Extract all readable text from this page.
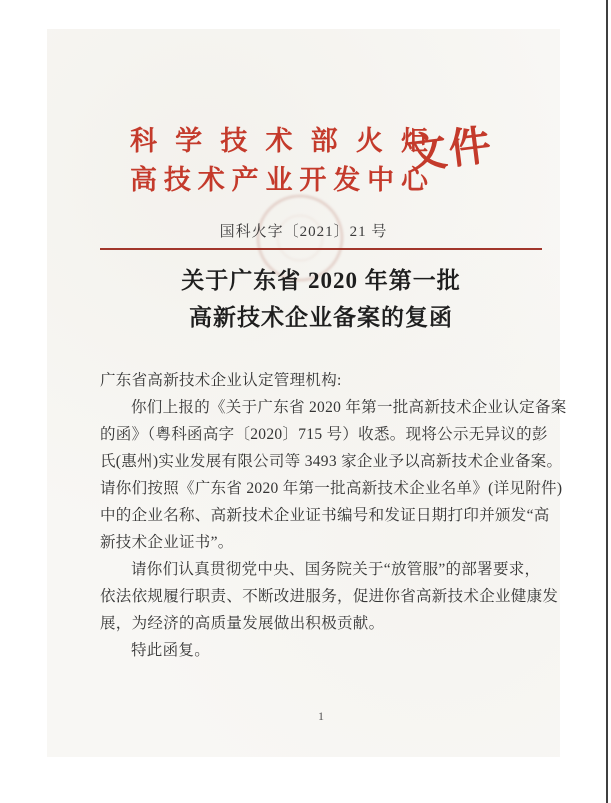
科学技术部火炬
高技术产业开发中心
文件
国科火字〔2021〕21 号
关于广东省 2020 年第一批
高新技术企业备案的复函
广东省高新技术企业认定管理机构:
你们上报的《关于广东省 2020 年第一批高新技术企业认定备案
的函》（粤科函高字〔2020〕715 号）收悉。现将公示无异议的彭
氏(惠州)实业发展有限公司等 3493 家企业予以高新技术企业备案。
请你们按照《广东省 2020 年第一批高新技术企业名单》(详见附件)
中的企业名称、高新技术企业证书编号和发证日期打印并颁发“高
新技术企业证书”。
请你们认真贯彻党中央、国务院关于“放管服”的部署要求，
依法依规履行职责、不断改进服务，促进你省高新技术企业健康发
展，为经济的高质量发展做出积极贡献。
特此函复。
1
